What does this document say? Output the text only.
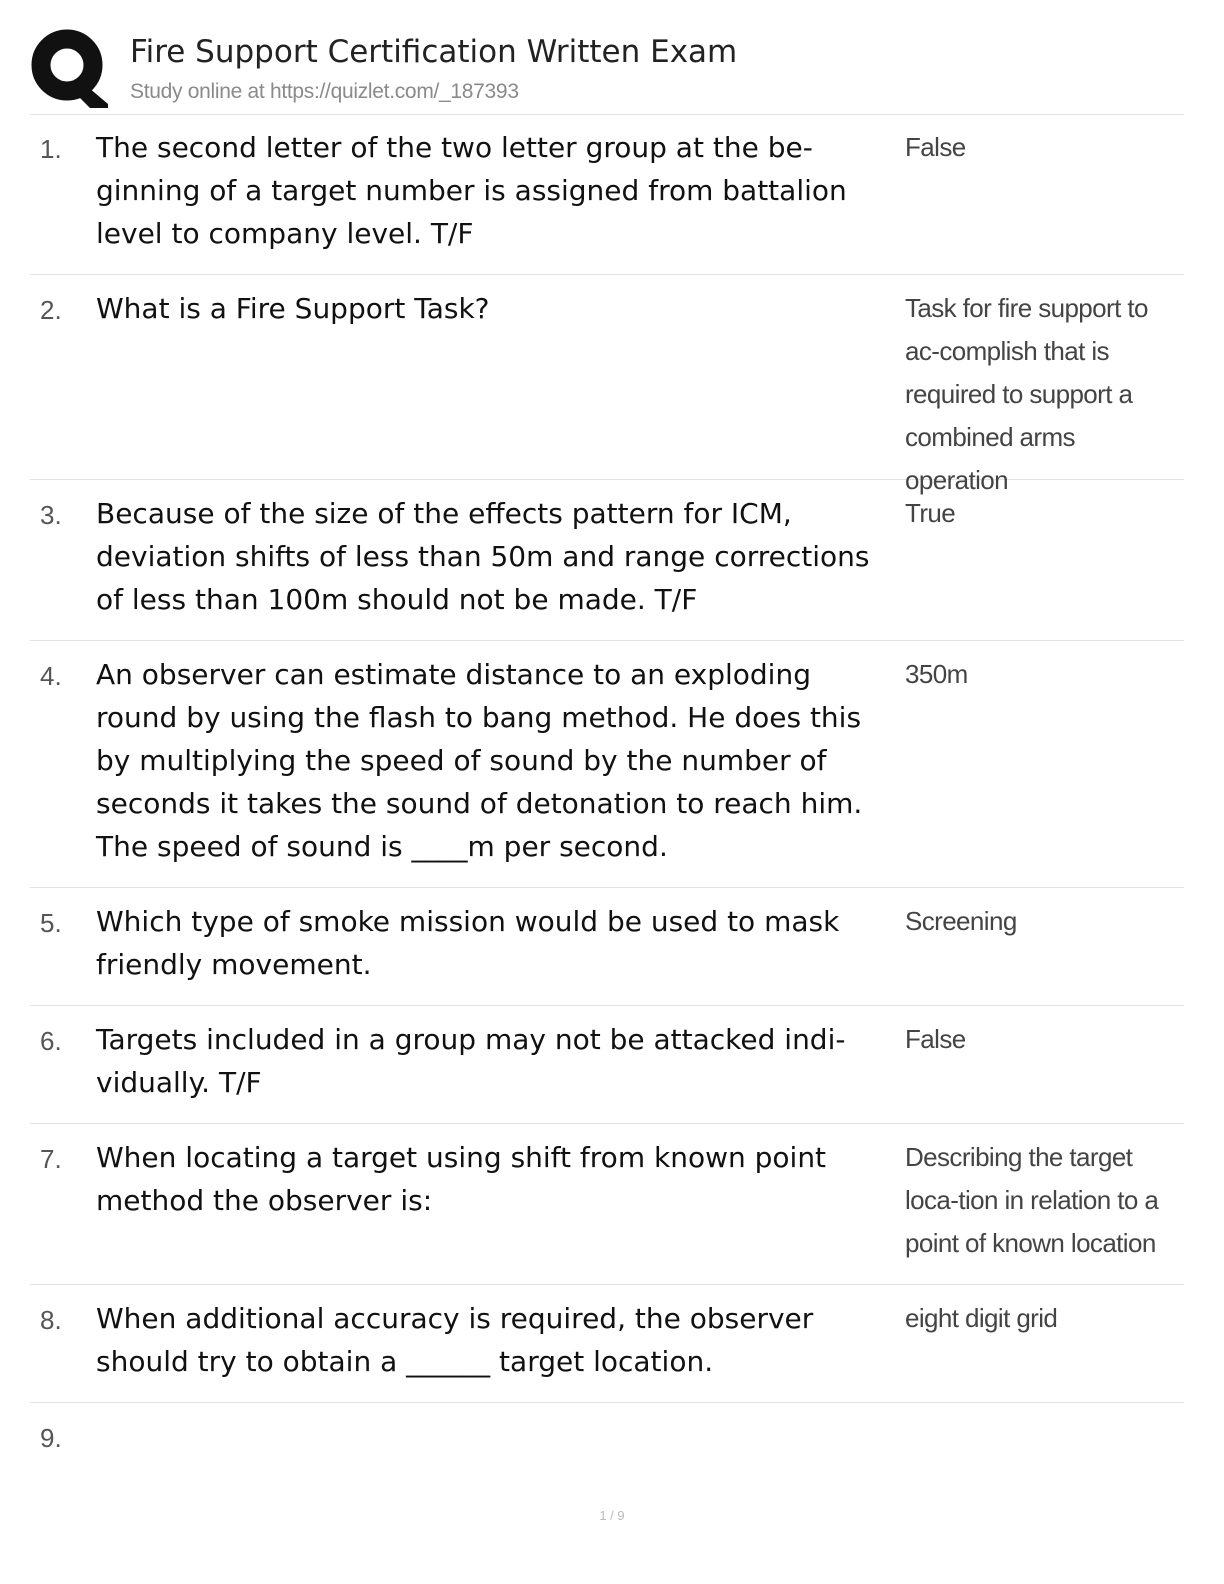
Fire Support Certification Written Exam
Study online at https://quizlet.com/_187393
1. The second letter of the two letter group at the be-ginning of a target number is assigned from battalion level to company level. T/F
False
2. What is a Fire Support Task?	Task for fire support to ac-complish that is required to support a combined arms operation
3. Because of the size of the effects pattern for ICM, deviation shifts of less than 50m and range corrections of less than 100m should not be made. T/F
True
4. An observer can estimate distance to an exploding round by using the flash to bang method. He does this by multiplying the speed of sound by the number of seconds it takes the sound of detonation to reach him. The speed of sound is ____m per second.
350m
5. Which type of smoke mission would be used to mask friendly movement.
Screening
6. Targets included in a group may not be attacked indi-vidually. T/F
False
7. When locating a target using shift from known point method the observer is:
Describing the target loca-tion in relation to a point of known location
8. When additional accuracy is required, the observer should try to obtain a ______ target location.
eight digit grid
9.
1 / 9
